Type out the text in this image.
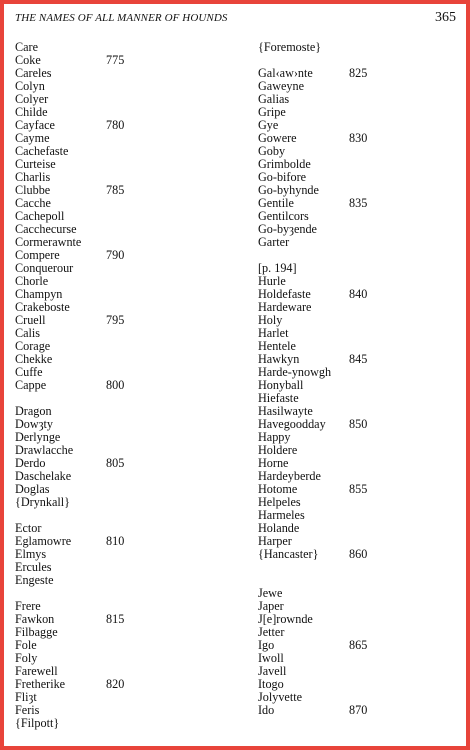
THE NAMES OF ALL MANNER OF HOUNDS	365
Care
Coke	775
Careles
Colyn
Colyer
Childe
Cayface	780
Cayme
Cachefaste
Curteise
Charlis
Clubbe	785
Cacche
Cachepoll
Cacchecurse
Cormerawnte
Compere	790
Conquerour
Chorle
Champyn
Crakeboste
Cruell	795
Calis
Corage
Chekke
Cuffe
Cappe	800
Dragon
Dowȝty
Derlynge
Drawlacche
Derdo	805
Daschelake
Doglas
{Drynkall}
Ector
Eglamowre	810
Elmys
Ercules
Engeste
Frere
Fawkon	815
Filbagge
Fole
Foly
Farewell
Fretherike	820
Fliȝt
Feris
{Filpott}
{Foremoste}
Gal‹aw›nte	825
Gaweyne
Galias
Gripe
Gye
Gowere	830
Goby
Grimbolde
Go-bifore
Go-byhynde
Gentile	835
Gentilcors
Go-byȝende
Garter
[p. 194]
Hurle
Holdefaste	840
Hardeware
Holy
Harlet
Hentele
Hawkyn	845
Harde-ynowgh
Honyball
Hiefaste
Hasilwayte
Havegoodday 850
Happy
Holdere
Horne
Hardeyberde
Hotome	855
Helpeles
Harmeles
Holande
Harper
{Hancaster}	860
Jewe
Japer
J[e]rownde
Jetter
Igo	865
Iwoll
Javell
Itogo
Jolyvette
Ido	870
